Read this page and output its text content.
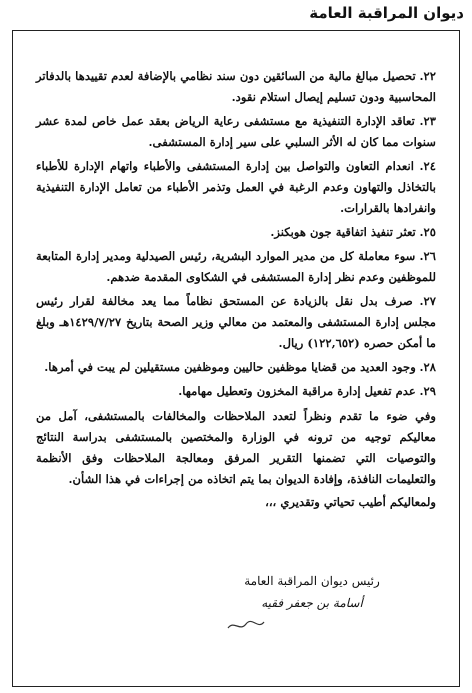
ديوان المراقبة العامة
٢٢. تحصيل مبالغ مالية من السائقين دون سند نظامي بالإضافة لعدم تقييدها بالدفاتر المحاسبية ودون تسليم إيصال استلام نقود.
٢٣. تعاقد الإدارة التنفيذية مع مستشفى رعاية الرياض بعقد عمل خاص لمدة عشر سنوات مما كان له الأثر السلبي على سير إدارة المستشفى.
٢٤. انعدام التعاون والتواصل بين إدارة المستشفى والأطباء واتهام الإدارة للأطباء بالتخاذل والتهاون وعدم الرغبة في العمل وتذمر الأطباء من تعامل الإدارة التنفيذية وانفرادها بالقرارات.
٢٥. تعثر تنفيذ اتفاقية جون هوبكنز.
٢٦. سوء معاملة كل من مدير الموارد البشرية، رئيس الصيدلية ومدير إدارة المتابعة للموظفين وعدم نظر إدارة المستشفى في الشكاوى المقدمة ضدهم.
٢٧. صرف بدل نقل بالزيادة عن المستحق نظاماً مما يعد مخالفة لقرار رئيس مجلس إدارة المستشفى والمعتمد من معالي وزير الصحة بتاريخ ١٤٢٩/٧/٢٧هـ وبلغ ما أمكن حصره (١٢٢,٦٥٢) ريال.
٢٨. وجود العديد من قضايا موظفين حاليين وموظفين مستقيلين لم يبت في أمرها.
٢٩. عدم تفعيل إدارة مراقبة المخزون وتعطيل مهامها.

وفي ضوء ما تقدم ونظراً لتعدد الملاحظات والمخالفات بالمستشفى، آمل من معاليكم توجيه من ترونه في الوزارة والمختصين بالمستشفى بدراسة النتائج والتوصيات التي تضمنها التقرير المرفق ومعالجة الملاحظات وفق الأنظمة والتعليمات النافذة، وإفادة الديوان بما يتم اتخاذه من إجراءات في هذا الشأن.

ولمعاليكم أطيب تحياتي وتقديري ،،،

رئيس ديوان المراقبة العامة
أسامة بن جعفر فقيه
